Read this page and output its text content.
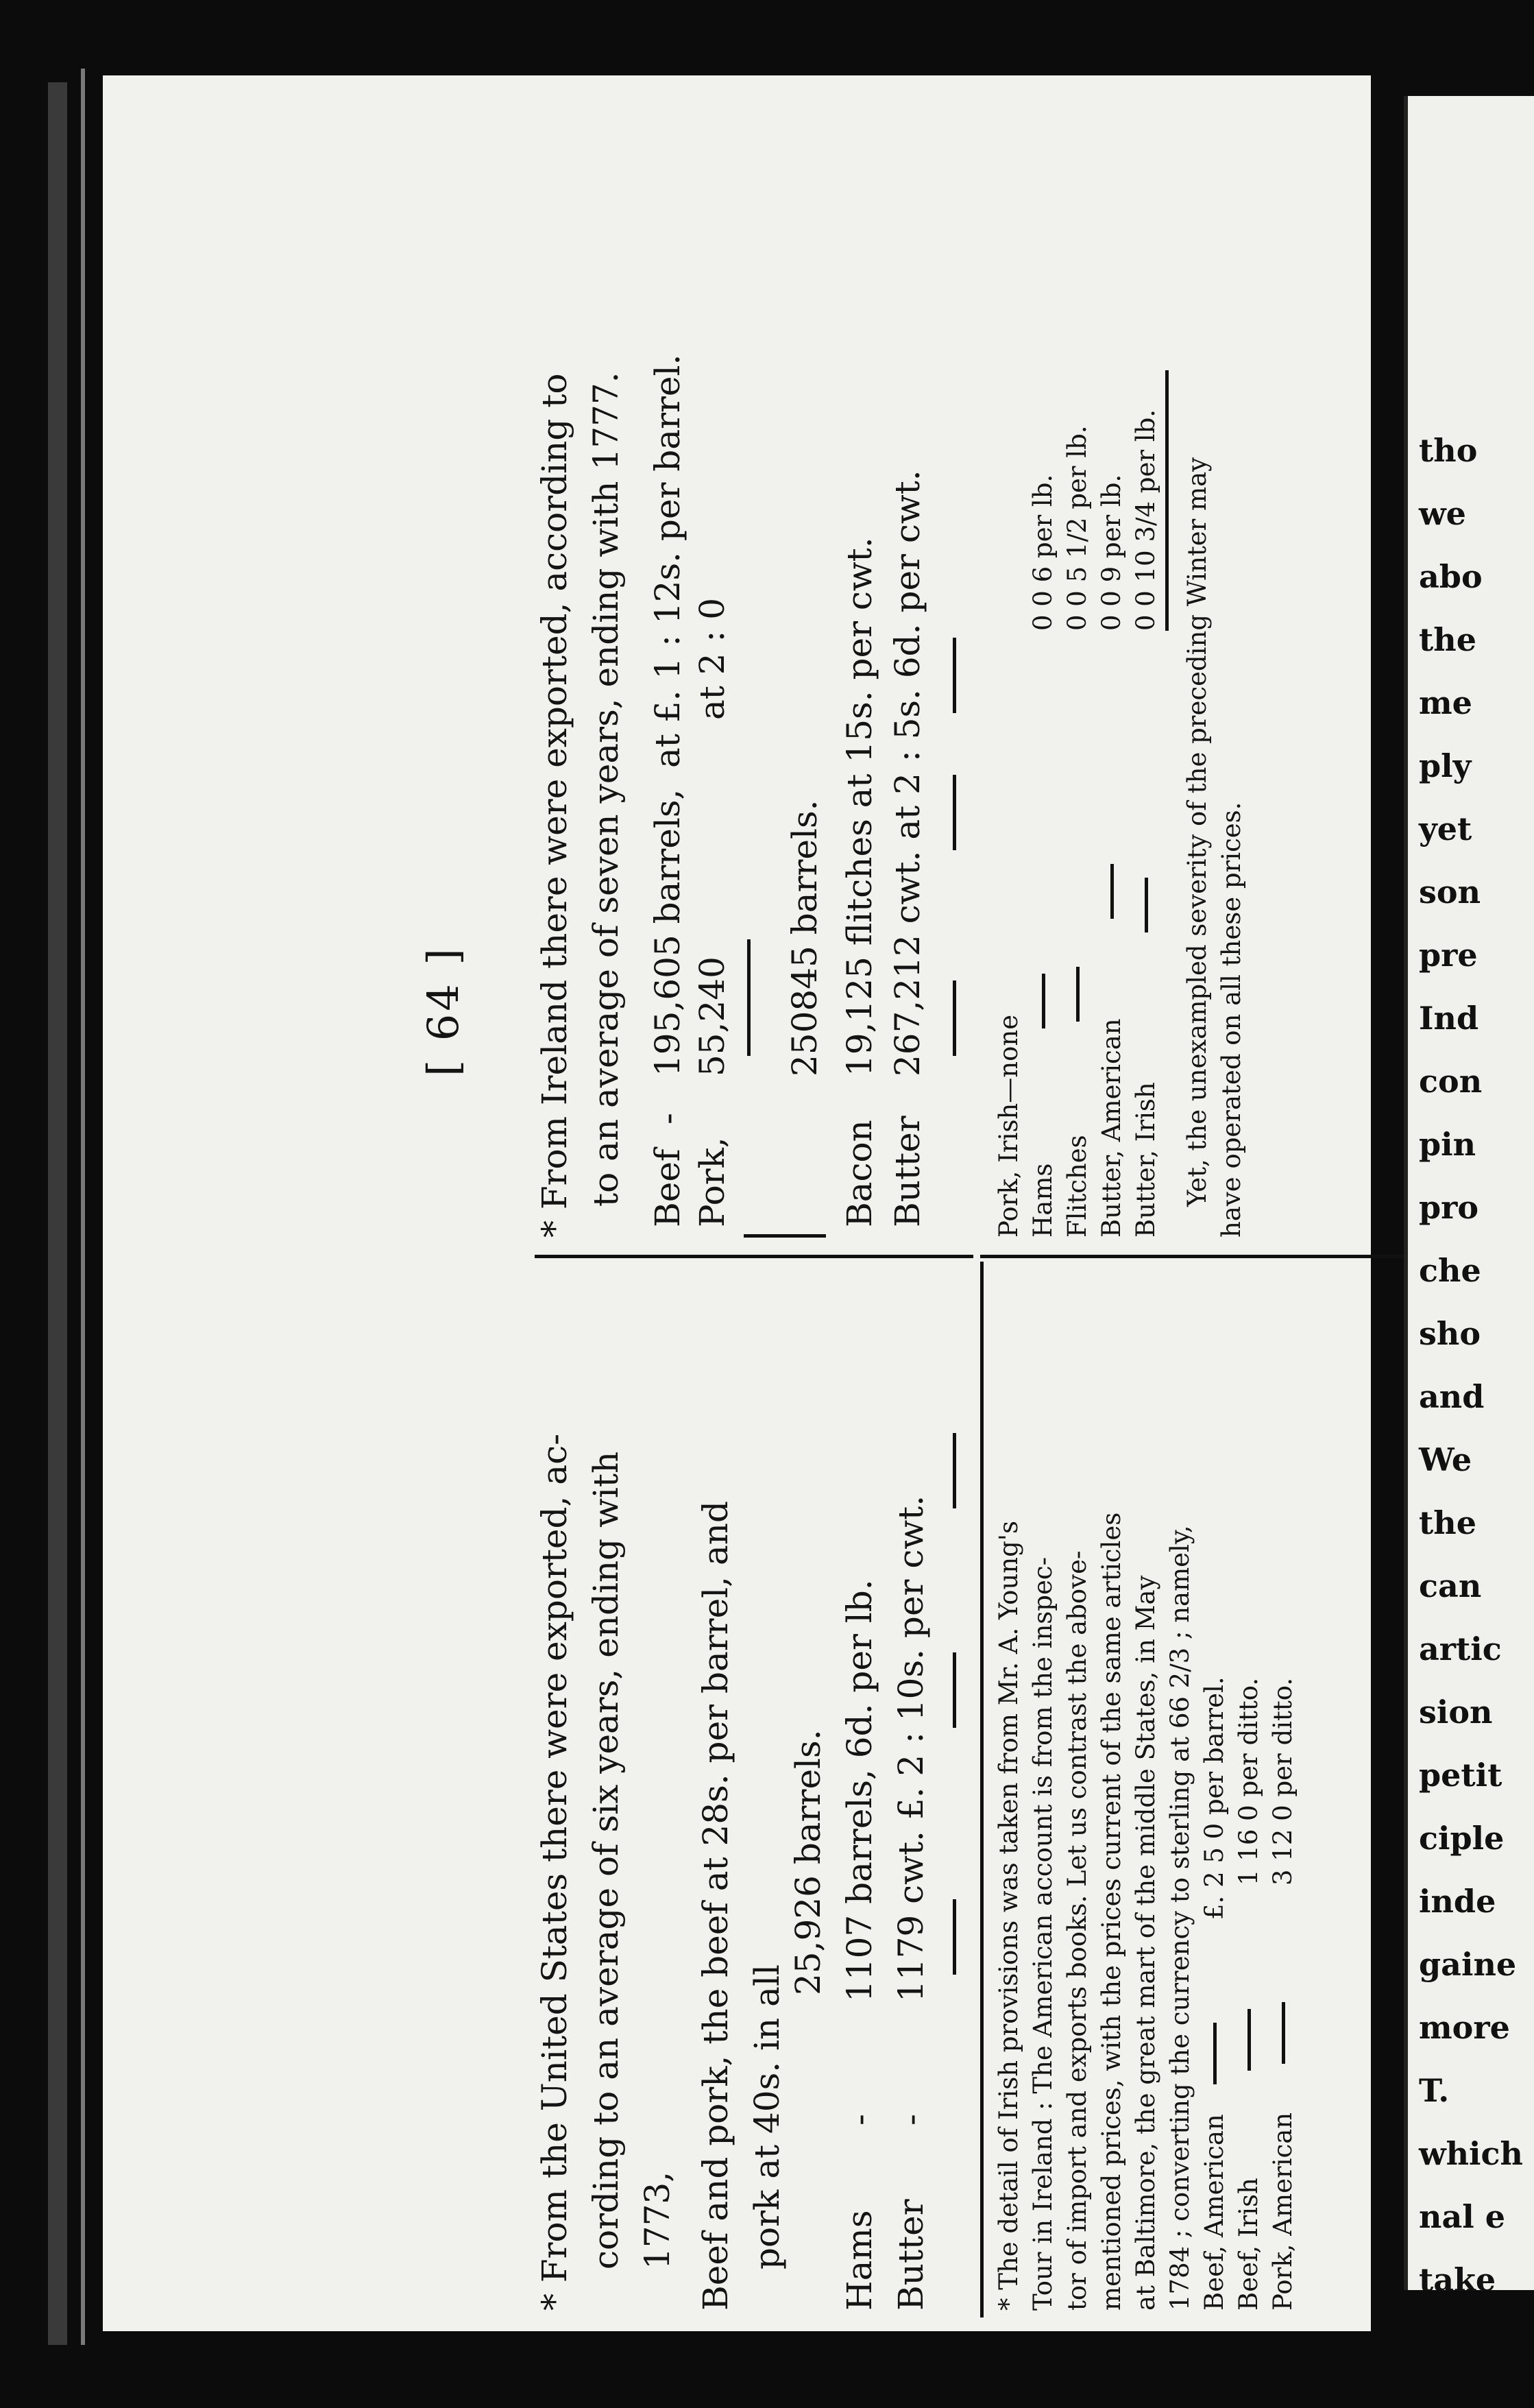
[ 64 ]
* From the United States there were exported, ac- cording to an average of six years, ending with 1773, Beef and pork, the beef at 28s. per barrel, and pork at 40s. in all
25,926 barrels.
Hams
-
1107 barrels, 6d. per lb.
Butter
-
1179 cwt. £. 2 : 10s. per cwt.
* From Ireland there were exported, according to to an average of seven years, ending with 1777. Beef
-
195,605 barrels,
at £. 1 : 12s. per barrel.
Pork,
55,240
at 2 : 0
250845 barrels.
Bacon
19,125 flitches at 15s. per cwt.
Butter
267,212 cwt. at 2 : 5s. 6d. per cwt.
* The detail of Irish provisions was taken from Mr. A. Young's Tour in Ireland : The American account is from the inspec- tor of import and exports books. Let us contrast the above- mentioned prices, with the prices current of the same articles at Baltimore, the great mart of the middle States, in May 1784 ; converting the currency to sterling at 66 2/3 ; namely, Beef, American
£. 2 5 0 per barrel.
Beef, Irish
1 16 0 per ditto.
Pork, American
3 12 0 per ditto.
Pork, Irish—none Hams
0 0 6 per lb.
Flitches
0 0 5 1/2 per lb.
Butter, American
0 0 9 per lb.
Butter, Irish
0 0 10 3/4 per lb. Yet, the unexampled severity of the preceding Winter may have operated on all these prices.
tho
we
abo
the
me
ply
yet
son
pre
Ind
con
pin
pro
che
sho
and
We
the
can
artic
sion
petit
ciple
inde
gaine
more
T.
which
nal e
take
